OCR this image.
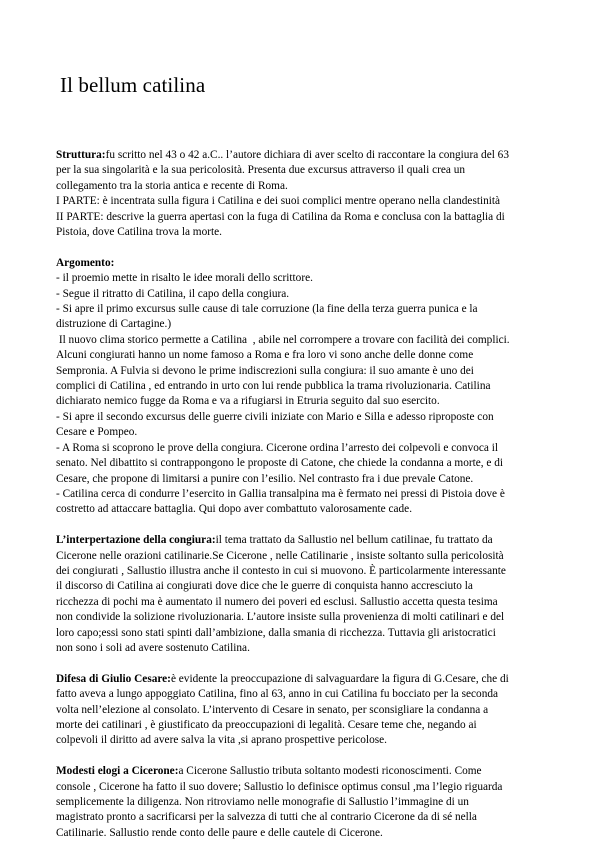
Il bellum catilina
Struttura:fu scritto nel 43 o 42 a.C.. l’autore dichiara di aver scelto di raccontare la congiura del 63
per la sua singolarità e la sua pericolosità. Presenta due excursus attraverso il quali crea un
collegamento tra la storia antica e recente di Roma.
I PARTE: è incentrata sulla figura i Catilina e dei suoi complici mentre operano nella clandestinità
II PARTE: descrive la guerra apertasi con la fuga di Catilina da Roma e conclusa con la battaglia di
Pistoia, dove Catilina trova la morte.
Argomento:
- il proemio mette in risalto le idee morali dello scrittore.
- Segue il ritratto di Catilina, il capo della congiura.
- Si apre il primo excursus sulle cause di tale corruzione (la fine della terza guerra punica e la
distruzione di Cartagine.)
Il nuovo clima storico permette a Catilina  , abile nel corrompere a trovare con facilità dei complici.
Alcuni congiurati hanno un nome famoso a Roma e fra loro vi sono anche delle donne come
Sempronia. A Fulvia si devono le prime indiscrezioni sulla congiura: il suo amante è uno dei
complici di Catilina , ed entrando in urto con lui rende pubblica la trama rivoluzionaria. Catilina
dichiarato nemico fugge da Roma e va a rifugiarsi in Etruria seguito dal suo esercito.
- Si apre il secondo excursus delle guerre civili iniziate con Mario e Silla e adesso riproposte con
Cesare e Pompeo.
- A Roma si scoprono le prove della congiura. Cicerone ordina l’arresto dei colpevoli e convoca il
senato. Nel dibattito si contrappongono le proposte di Catone, che chiede la condanna a morte, e di
Cesare, che propone di limitarsi a punire con l’esilio. Nel contrasto fra i due prevale Catone.
- Catilina cerca di condurre l’esercito in Gallia transalpina ma è fermato nei pressi di Pistoia dove è
costretto ad attaccare battaglia. Qui dopo aver combattuto valorosamente cade.
L’interpertazione della congiura:il tema trattato da Sallustio nel bellum catilinae, fu trattato da
Cicerone nelle orazioni catilinarie.Se Cicerone , nelle Catilinarie , insiste soltanto sulla pericolosità
dei congiurati , Sallustio illustra anche il contesto in cui si muovono. È particolarmente interessante
il discorso di Catilina ai congiurati dove dice che le guerre di conquista hanno accresciuto la
ricchezza di pochi ma è aumentato il numero dei poveri ed esclusi. Sallustio accetta questa tesima
non condivide la solizione rivoluzionaria. L’autore insiste sulla provenienza di molti catilinari e del
loro capo;essi sono stati spinti dall’ambizione, dalla smania di ricchezza. Tuttavia gli aristocratici
non sono i soli ad avere sostenuto Catilina.
Difesa di Giulio Cesare:è evidente la preoccupazione di salvaguardare la figura di G.Cesare, che di
fatto aveva a lungo appoggiato Catilina, fino al 63, anno in cui Catilina fu bocciato per la seconda
volta nell’elezione al consolato. L’intervento di Cesare in senato, per sconsigliare la condanna a
morte dei catilinari , è giustificato da preoccupazioni di legalità. Cesare teme che, negando ai
colpevoli il diritto ad avere salva la vita ,si aprano prospettive pericolose.
Modesti elogi a Cicerone:a Cicerone Sallustio tributa soltanto modesti riconoscimenti. Come
console , Cicerone ha fatto il suo dovere; Sallustio lo definisce optimus consul ,ma l’legio riguarda
semplicemente la diligenza. Non ritroviamo nelle monografie di Sallustio l’immagine di un
magistrato pronto a sacrificarsi per la salvezza di tutti che al contrario Cicerone da di sé nella
Catilinarie. Sallustio rende conto delle paure e delle cautele di Cicerone.
